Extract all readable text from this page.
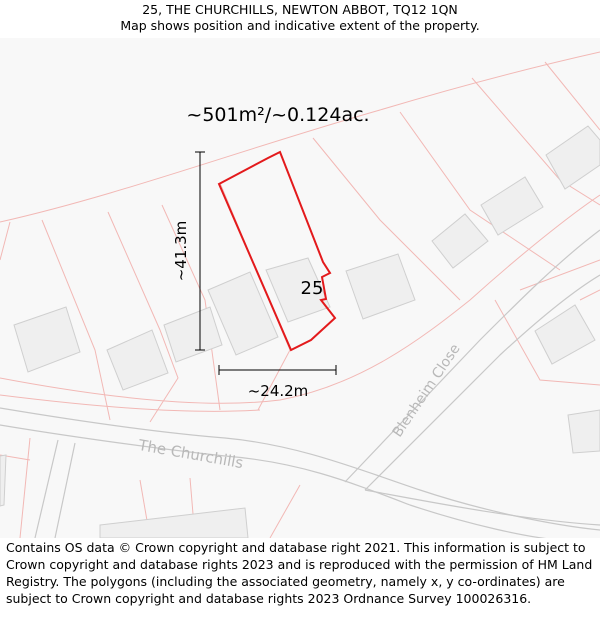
25, THE CHURCHILLS, NEWTON ABBOT, TQ12 1QN
Map shows position and indicative extent of the property.
~501m²/~0.124ac.
~41.3m
~24.2m
25
The Churchills
Blenheim Close
Contains OS data © Crown copyright and database right 2021. This information is subject to Crown copyright and database rights 2023 and is reproduced with the permission of HM Land Registry. The polygons (including the associated geometry, namely x, y co-ordinates) are subject to Crown copyright and database rights 2023 Ordnance Survey 100026316.
